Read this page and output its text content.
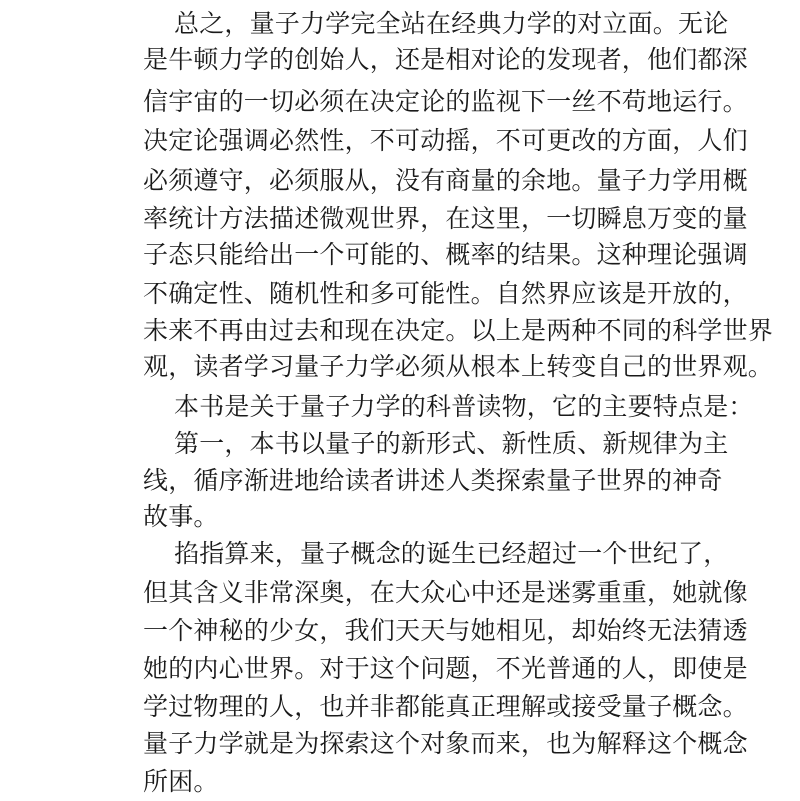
总之，量子力学完全站在经典力学的对立面。无论
是牛顿力学的创始人，还是相对论的发现者，他们都深
信宇宙的一切必须在决定论的监视下一丝不苟地运行。
决定论强调必然性，不可动摇，不可更改的方面，人们
必须遵守，必须服从，没有商量的余地。量子力学用概
率统计方法描述微观世界，在这里，一切瞬息万变的量
子态只能给出一个可能的、概率的结果。这种理论强调
不确定性、随机性和多可能性。自然界应该是开放的，
未来不再由过去和现在决定。以上是两种不同的科学世界
观，读者学习量子力学必须从根本上转变自己的世界观。
本书是关于量子力学的科普读物，它的主要特点是：
第一，本书以量子的新形式、新性质、新规律为主
线，循序渐进地给读者讲述人类探索量子世界的神奇
故事。
掐指算来，量子概念的诞生已经超过一个世纪了，
但其含义非常深奥，在大众心中还是迷雾重重，她就像
一个神秘的少女，我们天天与她相见，却始终无法猜透
她的内心世界。对于这个问题，不光普通的人，即使是
学过物理的人，也并非都能真正理解或接受量子概念。
量子力学就是为探索这个对象而来，也为解释这个概念
所困。
